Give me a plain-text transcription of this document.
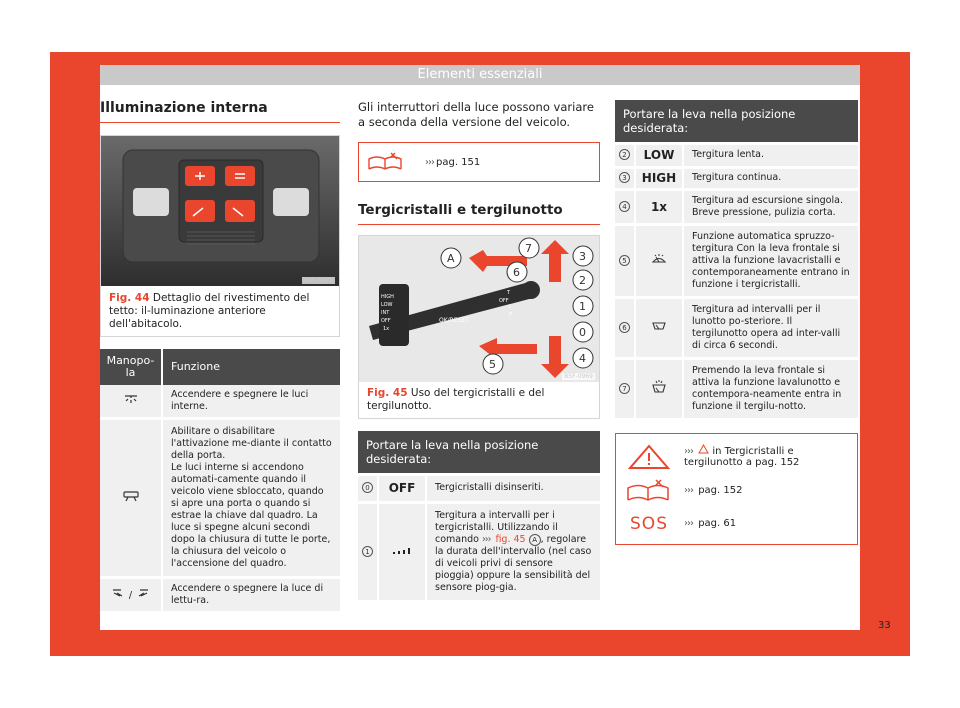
Elementi essenziali
Illuminazione interna
B6F-0079
Fig. 44 Dettaglio del rivestimento del tetto: il-luminazione anteriore dell'abitacolo.
Manopo-la	Funzione
	Accendere e spegnere le luci interne.
	Abilitare o disabilitare l'attivazione me-diante il contatto della porta.
Le luci interne si accendono automati-camente quando il veicolo viene sbloccato, quando si apre una porta o quando si estrae la chiave dal quadro. La luce si spegne alcuni secondi dopo la chiusura di tutte le porte, la chiusura del veicolo o l'accensione del quadro.
/	Accendere o spegnere la luce di lettu-ra.
Gli interruttori della luce possono variare a seconda della versione del veicolo.
››› pag. 151
Tergicristalli e tergilunotto
HIGH
LOW
INT
OFF
1x
OK/RESET
T
OFF
I
P
A
7
6
3
2
1
0
4
5
B5F-0969
Fig. 45 Uso del tergicristalli e del tergilunotto.
Portare la leva nella posizione desiderata:
0	OFF	Tergicristalli disinseriti.
1		Tergitura a intervalli per i tergicristalli. Utilizzando il comando ››› fig. 45 A , regolare la durata dell'intervallo (nel caso di veicoli privi di sensore pioggia) oppure la sensibilità del sensore piog-gia.
Portare la leva nella posizione desiderata:
2	LOW	Tergitura lenta.
3	HIGH	Tergitura continua.
4	1x	Tergitura ad escursione singola. Breve pressione, pulizia corta.
5		Funzione automatica spruzzo-tergitura Con la leva frontale si attiva la funzione lavacristalli e contemporaneamente entrano in funzione i tergicristalli.
6		Tergitura ad intervalli per il lunotto po-steriore. Il tergilunotto opera ad inter-valli di circa 6 secondi.
7		Premendo la leva frontale si attiva la funzione lavalunotto e contempora-neamente entra in funzione il tergilu-notto.
››› in Tergicristalli e tergilunotto a pag. 152
››› pag. 152
SOS	››› pag. 61
33
